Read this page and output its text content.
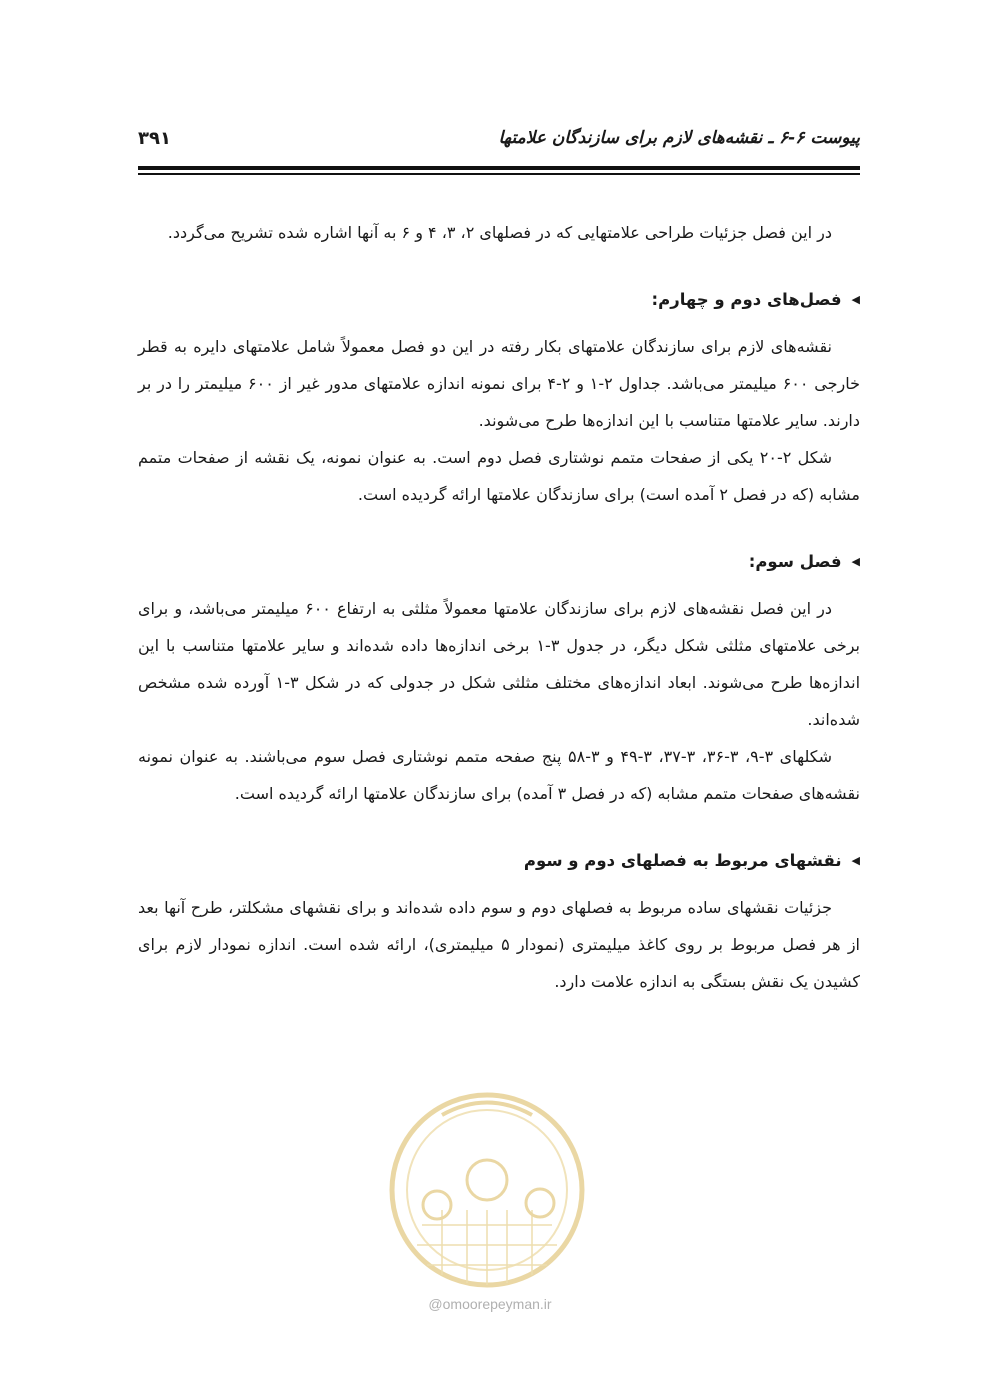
پیوست ۶-۶ ـ نقشه‌های لازم برای سازندگان علامتها
۳۹۱

در این فصل جزئیات طراحی علامتهایی که در فصلهای ۲، ۳، ۴ و ۶ به آنها اشاره شده تشریح می‌گردد.

◀
فصل‌های دوم و چهارم:

نقشه‌های لازم برای سازندگان علامتهای بکار رفته در این دو فصل معمولاً شامل علامتهای دایره به قطر خارجی ۶۰۰ میلیمتر می‌باشد. جداول ۲-۱ و ۲-۴ برای نمونه اندازه علامتهای مدور غیر از ۶۰۰ میلیمتر را در بر دارند. سایر علامتها متناسب با این اندازه‌ها طرح می‌شوند.

شکل ۲-۲۰ یکی از صفحات متمم نوشتاری فصل دوم است. به عنوان نمونه، یک نقشه از صفحات متمم مشابه (که در فصل ۲ آمده است) برای سازندگان علامتها ارائه گردیده است.

◀
فصل سوم:

در این فصل نقشه‌های لازم برای سازندگان علامتها معمولاً مثلثی به ارتفاع ۶۰۰ میلیمتر می‌باشد، و برای برخی علامتهای مثلثی شکل دیگر، در جدول ۳-۱ برخی اندازه‌ها داده شده‌اند و سایر علامتها متناسب با این اندازه‌ها طرح می‌شوند. ابعاد اندازه‌های مختلف مثلثی شکل در جدولی که در شکل ۳-۱ آورده شده مشخص شده‌اند.

شکلهای ۳-۹، ۳-۳۶، ۳-۳۷، ۳-۴۹ و ۳-۵۸ پنج صفحه متمم نوشتاری فصل سوم می‌باشند. به عنوان نمونه نقشه‌های صفحات متمم مشابه (که در فصل ۳ آمده) برای سازندگان علامتها ارائه گردیده است.

◀
نقشهای مربوط به فصلهای دوم و سوم

جزئیات نقشهای ساده مربوط به فصلهای دوم و سوم داده شده‌اند و برای نقشهای مشکلتر، طرح آنها بعد از هر فصل مربوط بر روی کاغذ میلیمتری (نمودار ۵ میلیمتری)، ارائه شده است. اندازه نمودار لازم برای کشیدن یک نقش بستگی به اندازه علامت دارد.

@omoorepeyman.ir
